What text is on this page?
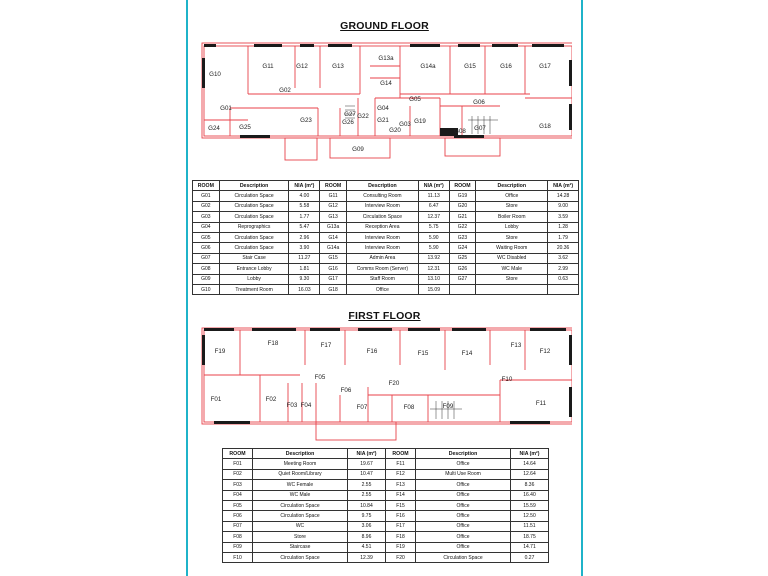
GROUND FLOOR
G01
G02
G03
G04
G05	G06
G07
G08
G09
G10
G11	G12	G13
G13a
G14
G14a	G15	G16	G17
G18
G19
G20
G21
G22
G23
G24	G25
G26
G27
ROOM	Description	NIA (m²)	ROOM	Description	NIA (m²)	ROOM	Description	NIA (m²)
G01	Circulation Space	4.00	G11	Consulting Room	11.13	G19	Office	14.28
G02	Circulation Space	5.58	G12	Interview Room	6.47	G20	Store	9.00
G03	Circulation Space	1.77	G13	Circulation Space	12.37	G21	Boiler Room	3.59
G04	Reprographics	5.47	G13a	Reception Area	5.75	G22	Lobby	1.28
G05	Circulation Space	2.96	G14	Interview Room	5.90	G23	Store	1.79
G06	Circulation Space	3.90	G14a	Interview Room	5.90	G24	Waiting Room	20.36
G07	Stair Case	11.27	G15	Admin Area	13.92	G25	WC Disabled	3.62
G08	Entrance Lobby	1.81	G16	Comms Room (Server)	12.31	G26	WC Male	2.99
G09	Lobby	9.30	G17	Staff Room	13.10	G27	Store	0.63
G10	Treatment Room	16.03	G18	Office	15.09			
FIRST FLOOR
F01	F02
F03 F04
F05
F06
F07	F08	F09
F10
F11
F12
F13
F14
F15
F16
F17
F18
F19
F20
ROOM	Description	NIA (m²)	ROOM	Description	NIA (m²)
F01	Meeting Room	19.67	F11	Office	14.64
F02	Quiet Room/Library	10.47	F12	Multi Use Room	12.64
F03	WC Female	2.55	F13	Office	8.36
F04	WC Male	2.55	F14	Office	16.40
F05	Circulation Space	10.84	F15	Office	15.59
F06	Circulation Space	9.75	F16	Office	12.50
F07	WC	3.06	F17	Office	11.51
F08	Store	8.96	F18	Office	18.75
F09	Staircase	4.51	F19	Office	14.71
F10	Circulation Space	12.39	F20	Circulation Space	0.27
